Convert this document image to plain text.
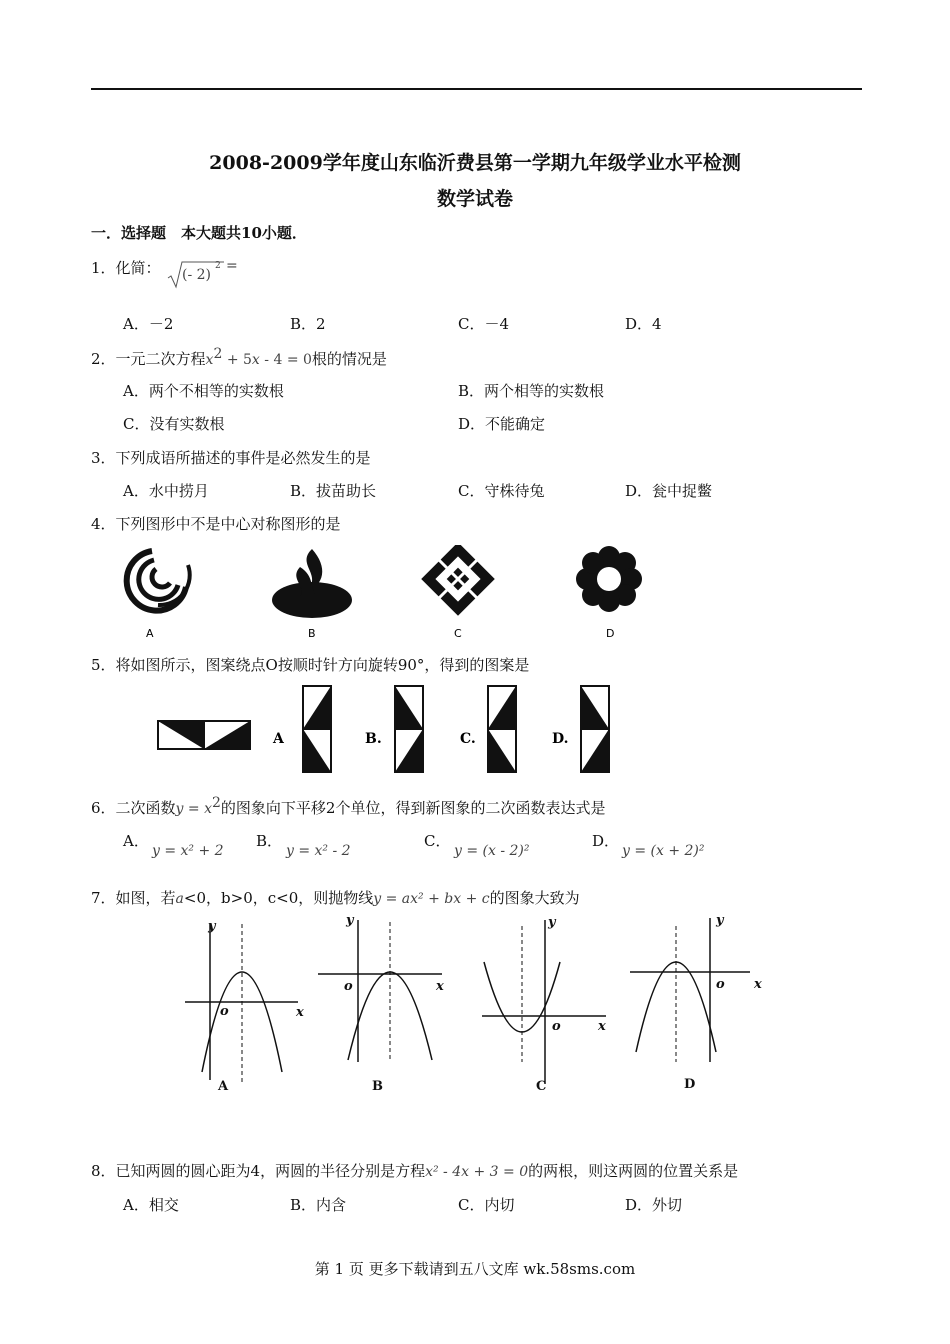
2008-2009学年度山东临沂费县第一学期九年级学业水平检测
数学试卷
一．选择题　本大题共10小题．
1．化简： (- 2)
2 =
A．－2	B．2	C．－4	D．4
2．一元二次方程$x^2 + 5x - 4 = 0$根的情况是
A．两个不相等的实数根	B．两个相等的实数根
C．没有实数根	D．不能确定
3．下列成语所描述的事件是必然发生的是
A．水中捞月	B．拔苗助长	C．守株待兔	D．瓮中捉鳖
4．下列图形中不是中心对称图形的是
A	B	C	D
5．将如图所示，图案绕点O按顺时针方向旋转90°，得到的图案是
A	B.	C.	D.
6．二次函数$y = x^2$的图象向下平移2个单位，得到新图象的二次函数表达式是
A．
y = x² + 2
B．
y = x² - 2
C．
y = (x - 2)²
D．
y = (x + 2)²
7．如图，若a<0，b>0，c<0，则抛物线y = ax² + bx + c的图象大致为
y
x
o
A
y
x
o
B
y
x
o
C
y
x
o
D
8．已知两圆的圆心距为4，两圆的半径分别是方程x² - 4x + 3 = 0的两根，则这两圆的位置关系是
A．相交	B．内含	C．内切	D．外切
第 1 页 更多下载请到五八文库 wk.58sms.com
